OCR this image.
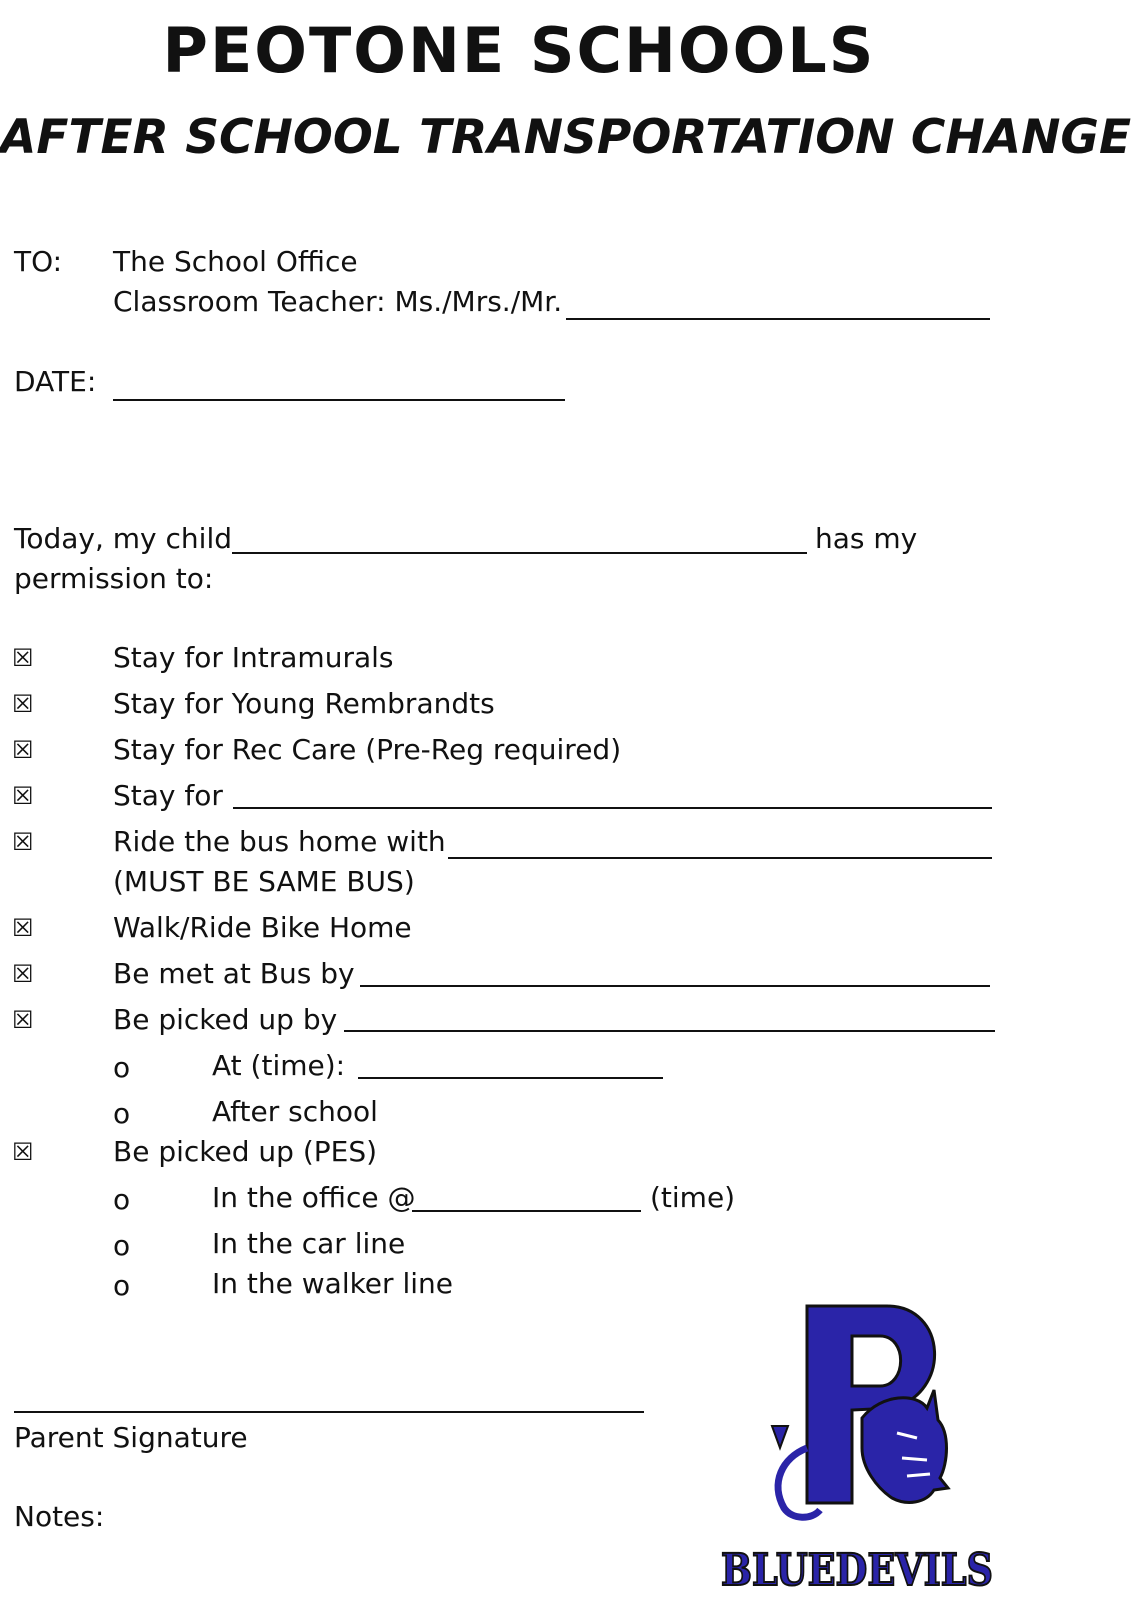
PEOTONE SCHOOLS
AFTER SCHOOL TRANSPORTATION CHANGE
TO: The School Office
Classroom Teacher: Ms./Mrs./Mr.
DATE:
Today, my child	has my
permission to:
☒	Stay for Intramurals
☒	Stay for Young Rembrandts
☒	Stay for Rec Care (Pre-Reg required)
☒	Stay for
☒	Ride the bus home with
(MUST BE SAME BUS)
☒	Walk/Ride Bike Home
☒	Be met at Bus by
☒	Be picked up by
o	At (time):
o	After school
☒	Be picked up (PES)
o	In the office @	(time)
o	In the car line
o	In the walker line
Parent Signature
Notes:
BLUEDEVILS
